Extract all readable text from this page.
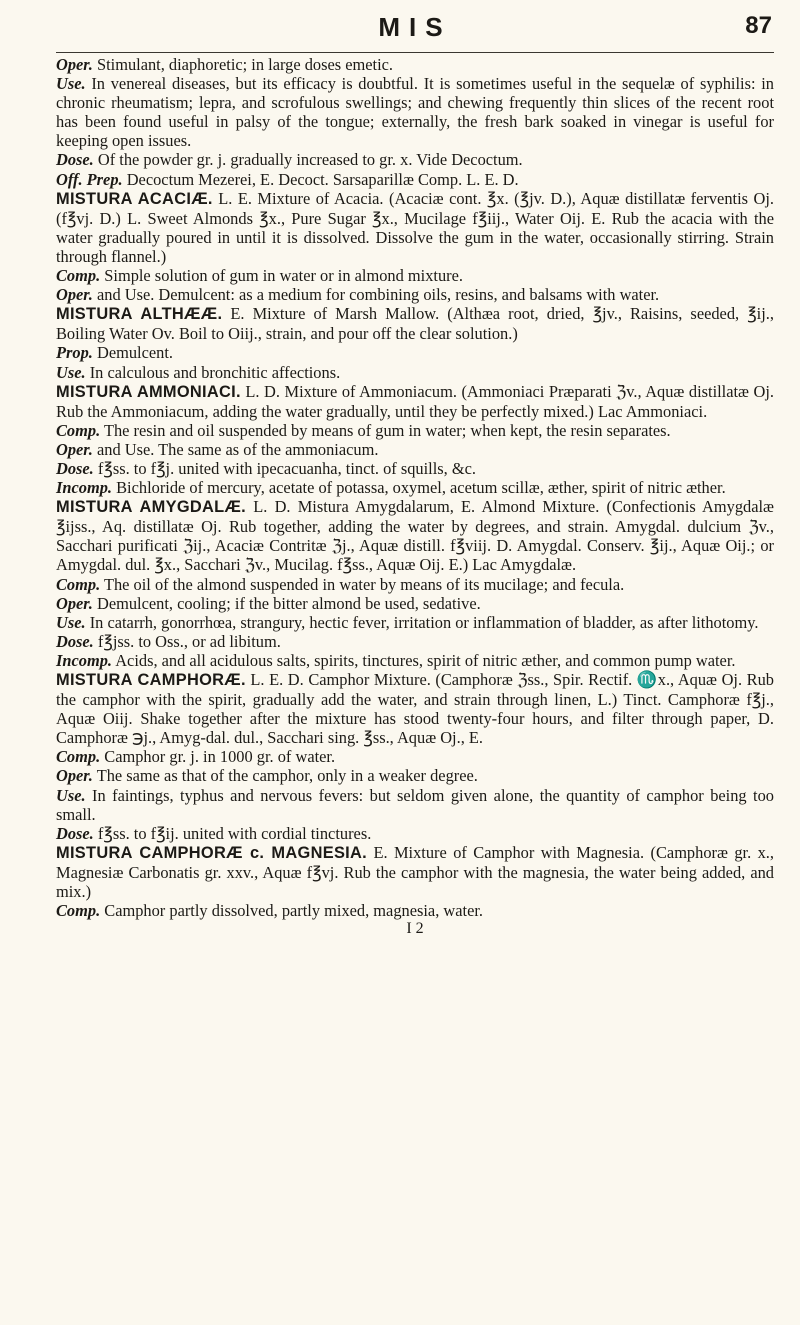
MIS	87

Oper. Stimulant, diaphoretic; in large doses emetic.

Use. In venereal diseases, but its efficacy is doubtful. It is sometimes useful in the sequelæ of syphilis: in chronic rheumatism; lepra, and scrofulous swellings; and chewing frequently thin slices of the recent root has been found useful in palsy of the tongue; externally, the fresh bark soaked in vinegar is useful for keeping open issues.

Dose. Of the powder gr. j. gradually increased to gr. x. Vide Decoctum.

Off. Prep. Decoctum Mezerei, E. Decoct. Sarsaparillæ Comp. L. E. D.

MISTURA ACACIÆ. L. E. Mixture of Acacia. (Acaciæ cont. ℥x. (℥jv. D.), Aquæ distillatæ ferventis Oj. (f℥vj. D.) L. Sweet Almonds ℥x., Pure Sugar ℥x., Mucilage f℥iij., Water Oij. E. Rub the acacia with the water gradually poured in until it is dissolved. Dissolve the gum in the water, occasionally stirring. Strain through flannel.)

Comp. Simple solution of gum in water or in almond mixture.

Oper. and Use. Demulcent: as a medium for combining oils, resins, and balsams with water.

MISTURA ALTHÆÆ. E. Mixture of Marsh Mallow. (Althæa root, dried, ℥jv., Raisins, seeded, ℥ij., Boiling Water Ov. Boil to Oiij., strain, and pour off the clear solution.)

Prop. Demulcent.

Use. In calculous and bronchitic affections.

MISTURA AMMONIACI. L. D. Mixture of Ammoniacum. (Ammoniaci Præparati ℨv., Aquæ distillatæ Oj. Rub the Ammoniacum, adding the water gradually, until they be perfectly mixed.) Lac Ammoniaci.

Comp. The resin and oil suspended by means of gum in water; when kept, the resin separates.

Oper. and Use. The same as of the ammoniacum.

Dose. f℥ss. to f℥j. united with ipecacuanha, tinct. of squills, &c.

Incomp. Bichloride of mercury, acetate of potassa, oxymel, acetum scillæ, æther, spirit of nitric æther.

MISTURA AMYGDALÆ. L. D. Mistura Amygdalarum, E. Almond Mixture. (Confectionis Amygdalæ ℥ijss., Aq. distillatæ Oj. Rub together, adding the water by degrees, and strain. Amygdal. dulcium ℨv., Sacchari purificati ℨij., Acaciæ Contritæ ℨj., Aquæ distill. f℥viij. D. Amygdal. Conserv. ℥ij., Aquæ Oij.; or Amygdal. dul. ℥x., Sacchari ℨv., Mucilag. f℥ss., Aquæ Oij. E.) Lac Amygdalæ.

Comp. The oil of the almond suspended in water by means of its mucilage; and fecula.

Oper. Demulcent, cooling; if the bitter almond be used, sedative.

Use. In catarrh, gonorrhœa, strangury, hectic fever, irritation or inflammation of bladder, as after lithotomy.

Dose. f℥jss. to Oss., or ad libitum.

Incomp. Acids, and all acidulous salts, spirits, tinctures, spirit of nitric æther, and common pump water.

MISTURA CAMPHORÆ. L. E. D. Camphor Mixture. (Camphoræ ℨss., Spir. Rectif. ♏x., Aquæ Oj. Rub the camphor with the spirit, gradually add the water, and strain through linen, L.) Tinct. Camphoræ f℥j., Aquæ Oiij. Shake together after the mixture has stood twenty-four hours, and filter through paper, D. Camphoræ ℈j., Amyg-dal. dul., Sacchari sing. ℥ss., Aquæ Oj., E.

Comp. Camphor gr. j. in 1000 gr. of water.

Oper. The same as that of the camphor, only in a weaker degree.

Use. In faintings, typhus and nervous fevers: but seldom given alone, the quantity of camphor being too small.

Dose. f℥ss. to f℥ij. united with cordial tinctures.

MISTURA CAMPHORÆ c. MAGNESIA. E. Mixture of Camphor with Magnesia. (Camphoræ gr. x., Magnesiæ Carbonatis gr. xxv., Aquæ f℥vj. Rub the camphor with the magnesia, the water being added, and mix.)

Comp. Camphor partly dissolved, partly mixed, magnesia, water.

I 2
